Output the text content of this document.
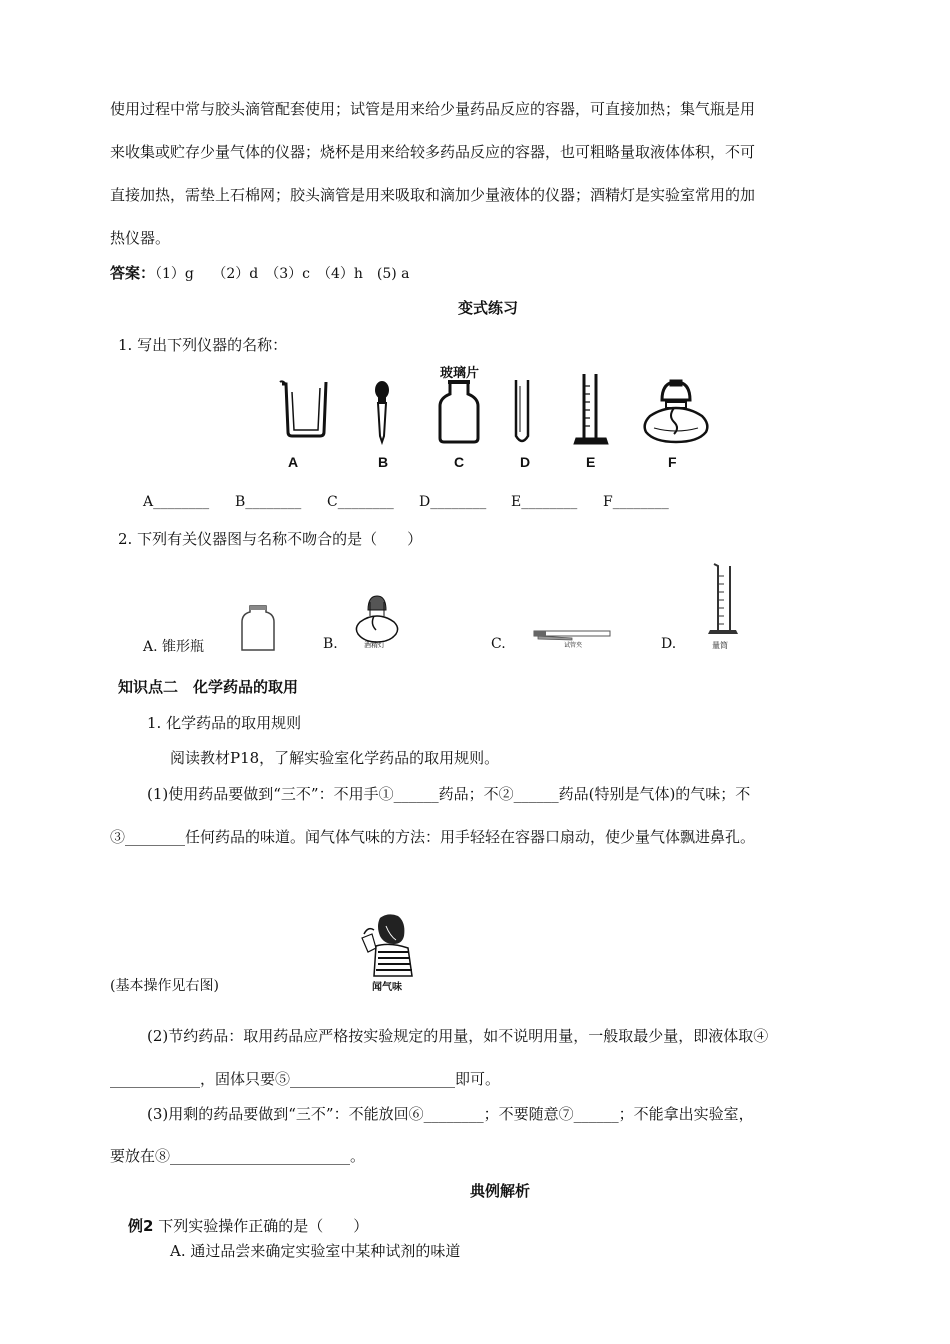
使用过程中常与胶头滴管配套使用；试管是用来给少量药品反应的容器，可直接加热；集气瓶是用
来收集或贮存少量气体的仪器；烧杯是用来给较多药品反应的容器，也可粗略量取液体体积，不可
直接加热，需垫上石棉网；胶头滴管是用来吸取和滴加少量液体的仪器；酒精灯是实验室常用的加
热仪器。
答案：（1）g　 （2）d　（3）c　（4）h　(5) a
变式练习
1. 写出下列仪器的名称：
玻璃片
A	B	C	D	E	F
A________ B________ C________ D________ E________ F________
2. 下列有关仪器图与名称不吻合的是（　　）
A. 锥形瓶	B.	酒精灯	C.	试管夹	D.	量筒
知识点二　化学药品的取用
1. 化学药品的取用规则
阅读教材P18，了解实验室化学药品的取用规则。
(1)使用药品要做到“三不”：不用手①______药品；不②______药品(特别是气体)的气味；不
③________任何药品的味道。闻气体气味的方法：用手轻轻在容器口扇动，使少量气体飘进鼻孔。
闻气味
(基本操作见右图)
(2)节约药品：取用药品应严格按实验规定的用量，如不说明用量，一般取最少量，即液体取④
____________，固体只要⑤______________________即可。
(3)用剩的药品要做到“三不”：不能放回⑥________；不要随意⑦______；不能拿出实验室，
要放在⑧________________________。
典例解析
例2 下列实验操作正确的是（　　）
A. 通过品尝来确定实验室中某种试剂的味道
